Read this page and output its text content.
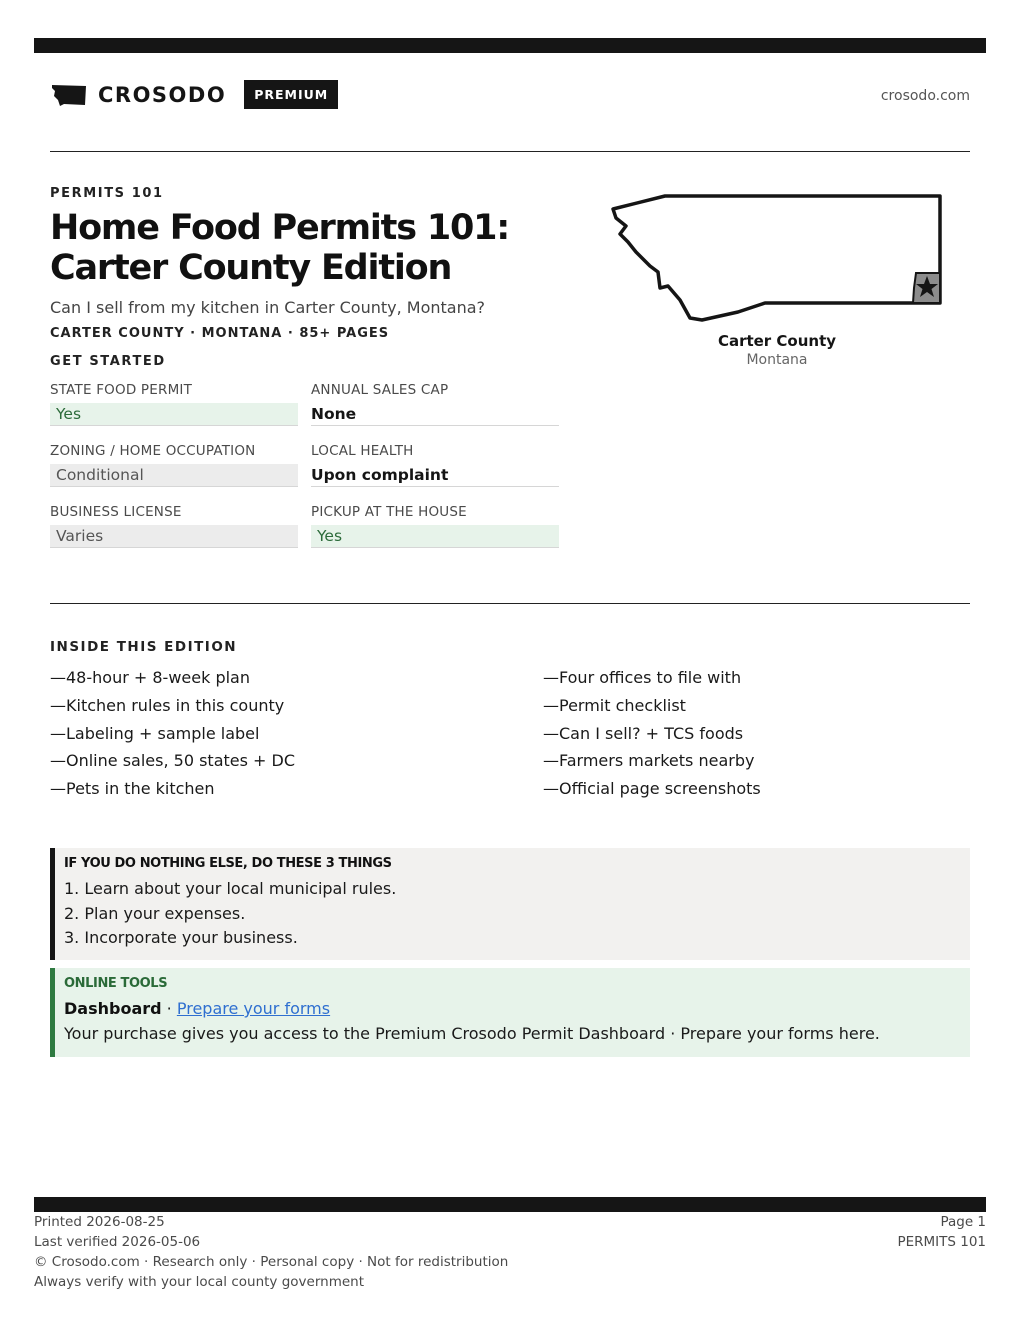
CROSODO	PREMIUM	crosodo.com
PERMITS 101
Home Food Permits 101: Carter County Edition
Can I sell from my kitchen in Carter County, Montana?
CARTER COUNTY · MONTANA · 85+ PAGES
GET STARTED
STATE FOOD PERMIT
Yes
ANNUAL SALES CAP
None
ZONING / HOME OCCUPATION
Conditional
LOCAL HEALTH
Upon complaint
BUSINESS LICENSE
Varies
PICKUP AT THE HOUSE
Yes
Carter County
Montana
INSIDE THIS EDITION
—48-hour + 8-week plan
—Kitchen rules in this county
—Labeling + sample label
—Online sales, 50 states + DC
—Pets in the kitchen
—Four offices to file with
—Permit checklist
—Can I sell? + TCS foods
—Farmers markets nearby
—Official page screenshots
IF YOU DO NOTHING ELSE, DO THESE 3 THINGS
1. Learn about your local municipal rules.
2. Plan your expenses.
3. Incorporate your business.
ONLINE TOOLS
Dashboard · Prepare your forms
Your purchase gives you access to the Premium Crosodo Permit Dashboard · Prepare your forms here.
Printed 2026-08-25
Last verified 2026-05-06
© Crosodo.com · Research only · Personal copy · Not for redistribution
Always verify with your local county government
Page 1
PERMITS 101
